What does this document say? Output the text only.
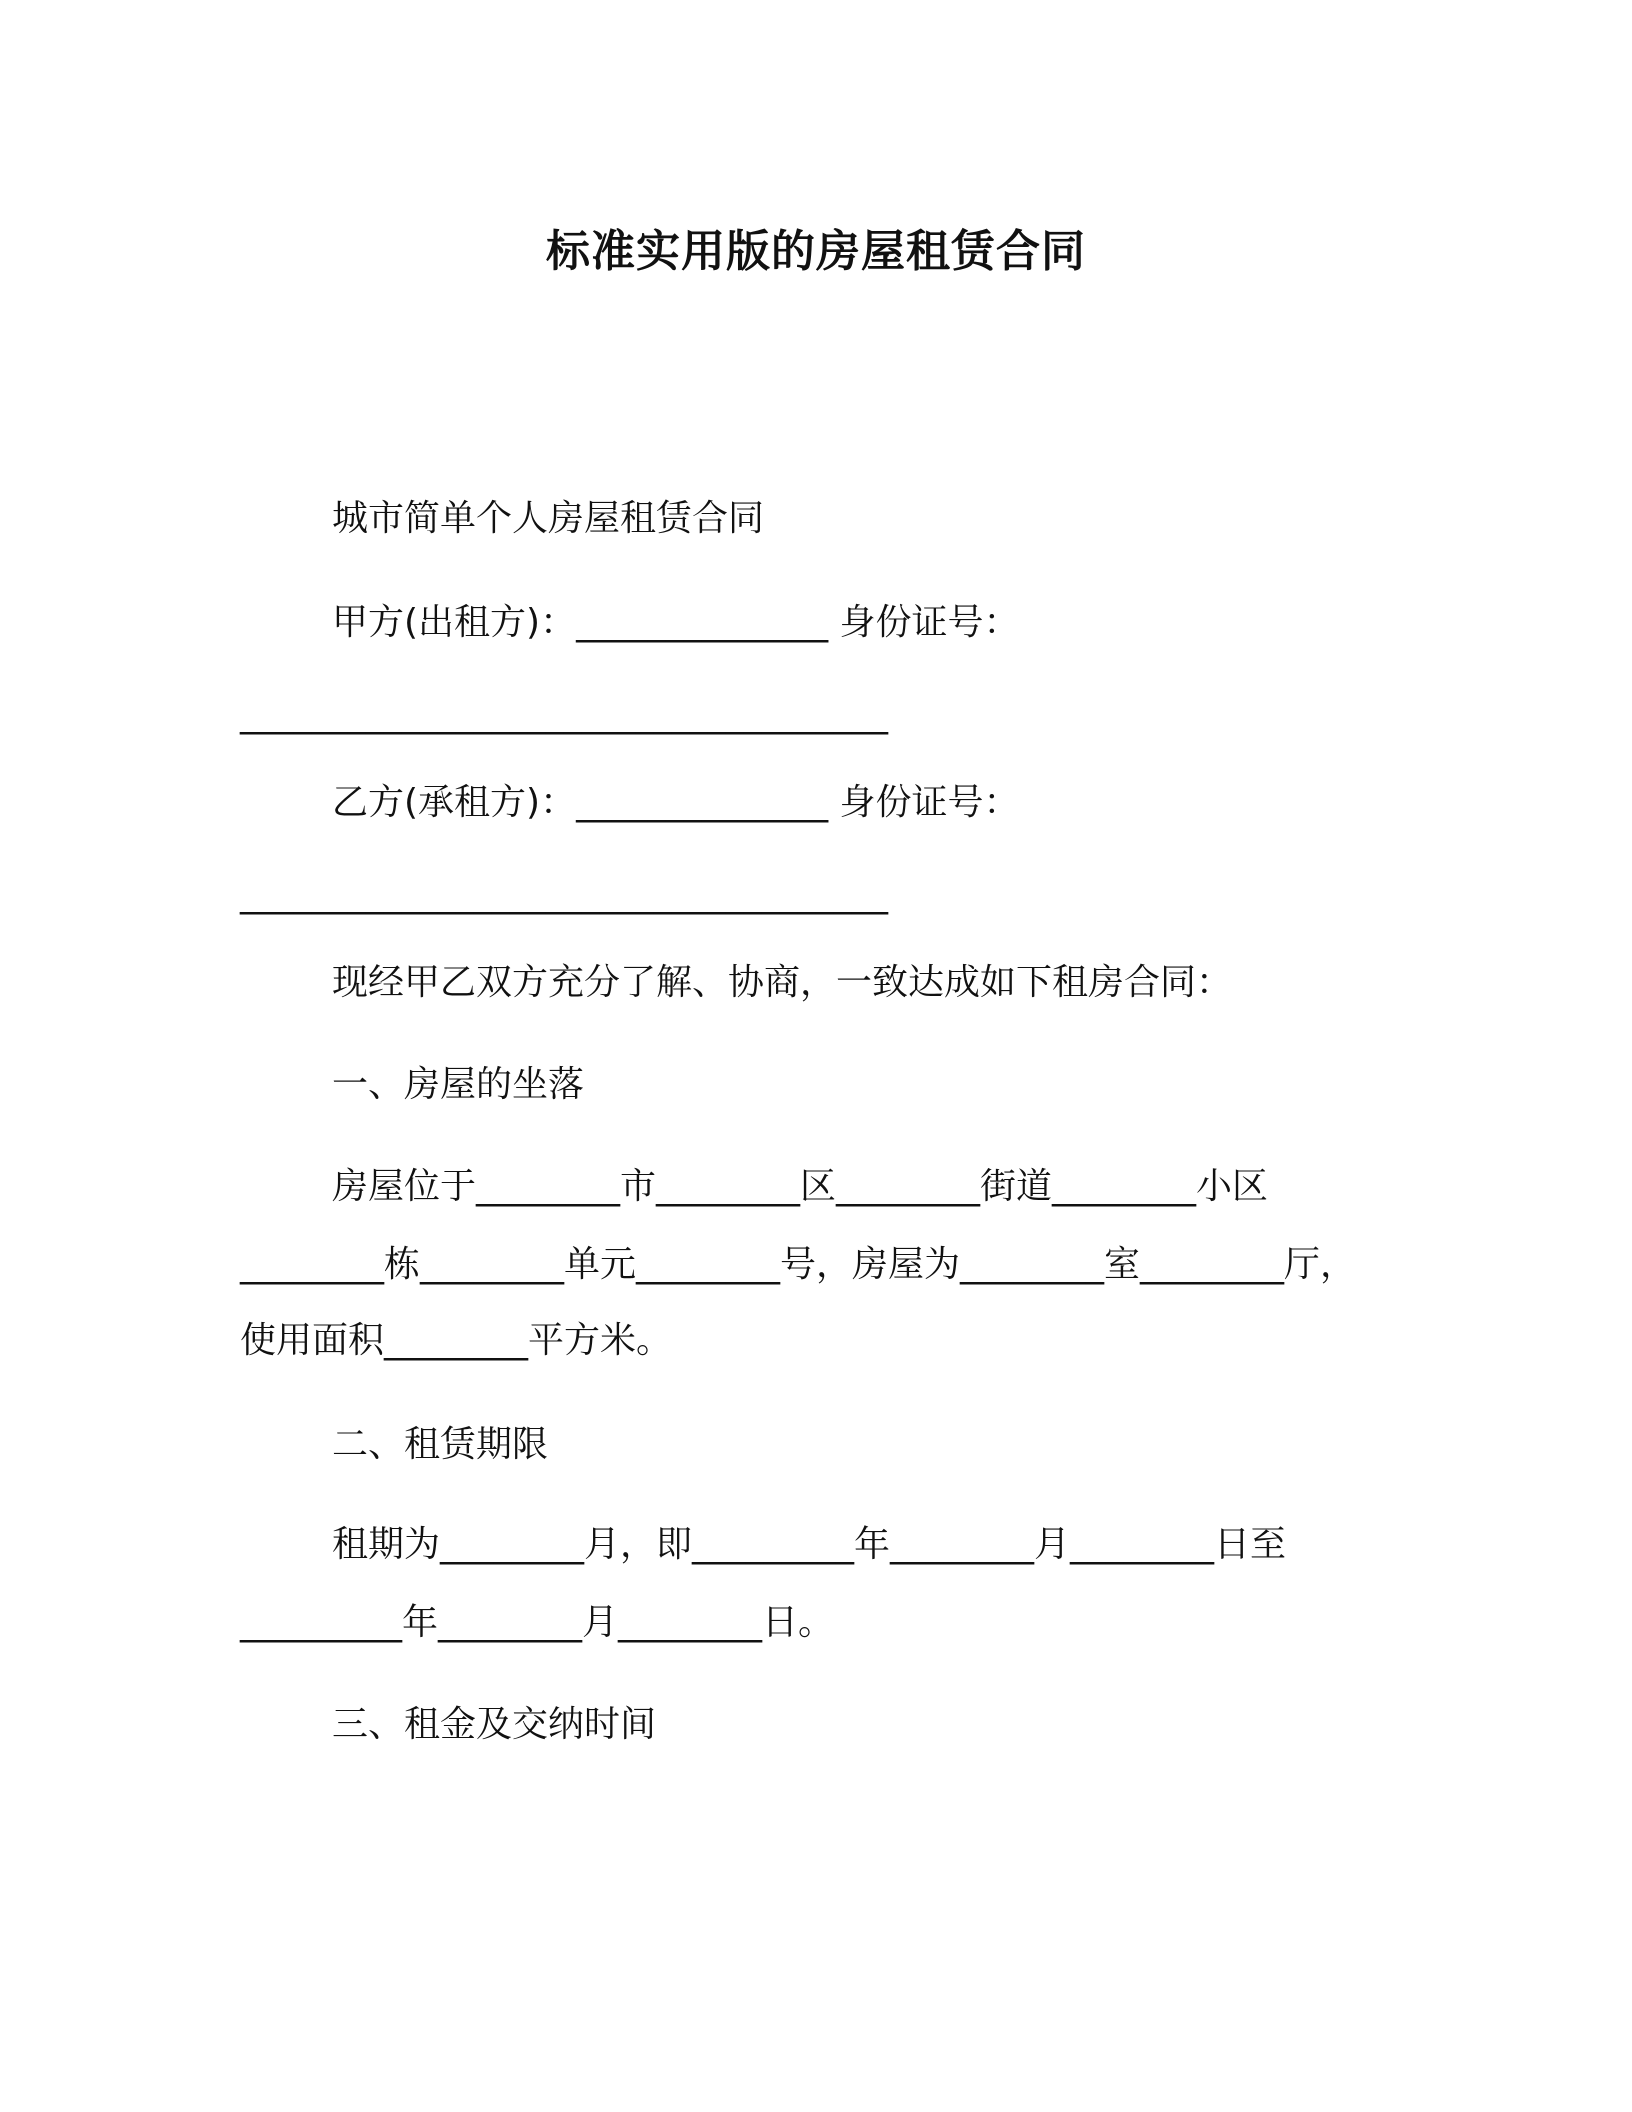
标准实用版的房屋租赁合同
城市简单个人房屋租赁合同
甲方(出租方)：______________ 身份证号：
____________________________________
乙方(承租方)：______________ 身份证号：
____________________________________
现经甲乙双方充分了解、协商，一致达成如下租房合同：
一、房屋的坐落
房屋位于________市________区________街道________小区
________栋________单元________号，房屋为________室________厅，
使用面积________平方米。
二、租赁期限
租期为________月，即_________年________月________日至
_________年________月________日。
三、租金及交纳时间
